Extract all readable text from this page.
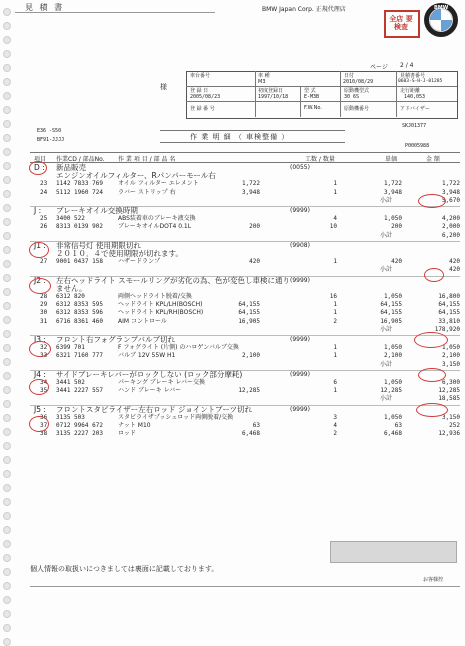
見 積 書	BMW Japan Corp. 正規代理店
全店 要検査
BMW
ページ 2 / 4
様
車台番号	車 種	日付	見積書番号
M3	2010/08/29	0603-S-H-J-01285
登 録 日	初度登録日	型 式	原動機型式	走行距離
2005/08/23	1997/10/18	E-M3B	30 6S	140,053
登 録 番 号	F.W.No.	原動機番号	アドバイザー
E36 -S50
BF91-JJJJ
SKJ01377
P0005988
作 業 明 細 （ 車検整備 ）
項目 作業CD / 部品No. 作 業 項 目 / 部 品 名	工数 / 数量	単価	金 額
D : 新品販売	(0055)
エンジンオイルフィルター、Rパンパーモール右
23 1142 7833 769	オイル フィルター エレメント	1,722	1	1,722	1,722
24 5112 1960 724	ラバー ストリップ 右	3,948	1	3,948	3,948
小計	5,670
J : ブレーキオイル交換時期	(9999)
25 3400 522	ABS装着車のブレーキ液交換	4	1,050	4,200
26 8313 0139 902	ブレーキオイルDOT4 0.1L	200	10	200	2,000
小計	6,200
J1 : 非常信号灯 使用期限切れ	(9908)
２０１０．４で使用期限が切れます。
27 9001 0437 158	ハザードランプ	420	1	420	420
小計	420
J2 : 左右ヘッドライト スモールリングが劣化の為、色が変色し車検に通り (9999)
ません。
28 6312 820	両側ヘッドライト脱着/交換	16	1,050	16,800
29 6312 8353 595	ヘッドライト KPL/LH(BOSCH)	64,155	1	64,155	64,155
30 6312 8353 596	ヘッドライト KPL/RH(BOSCH)	64,155	1	64,155	64,155
31 6716 8361 460	AIM コントロール	16,905	2	16,905	33,810
小計	178,920
J3 : フロント右フォグランプバルブ切れ	(9999)
32 6399 701	F フォグライト (片側) のハロゲンバルブ交換	1	1,050	1,050
33 6321 7160 777	バルブ 12V 55W H1	2,100	1	2,100	2,100
小計	3,150
J4 : サイドブレーキレバーがロックしない (ロック部分摩耗)	(9999)
34 3441 502	パーキング ブレーキ レバー交換	6	1,050	6,300
35 3441 2227 557	ハンド ブレーキ レバー	12,285	1	12,285	12,285
小計	18,585
J5 : フロントスタビライザー左右ロッド ジョイントブーツ切れ	(9999)
36 3135 503	スタビライザプッシュロッド両側脱着/交換	3	1,050	3,150
37 0712 9964 672	ナット M10	63	4	63	252
38 3135 2227 203	ロッド	6,468	2	6,468	12,936
個人情報の取扱いにつきましては裏面に記載しております。
お客様控
